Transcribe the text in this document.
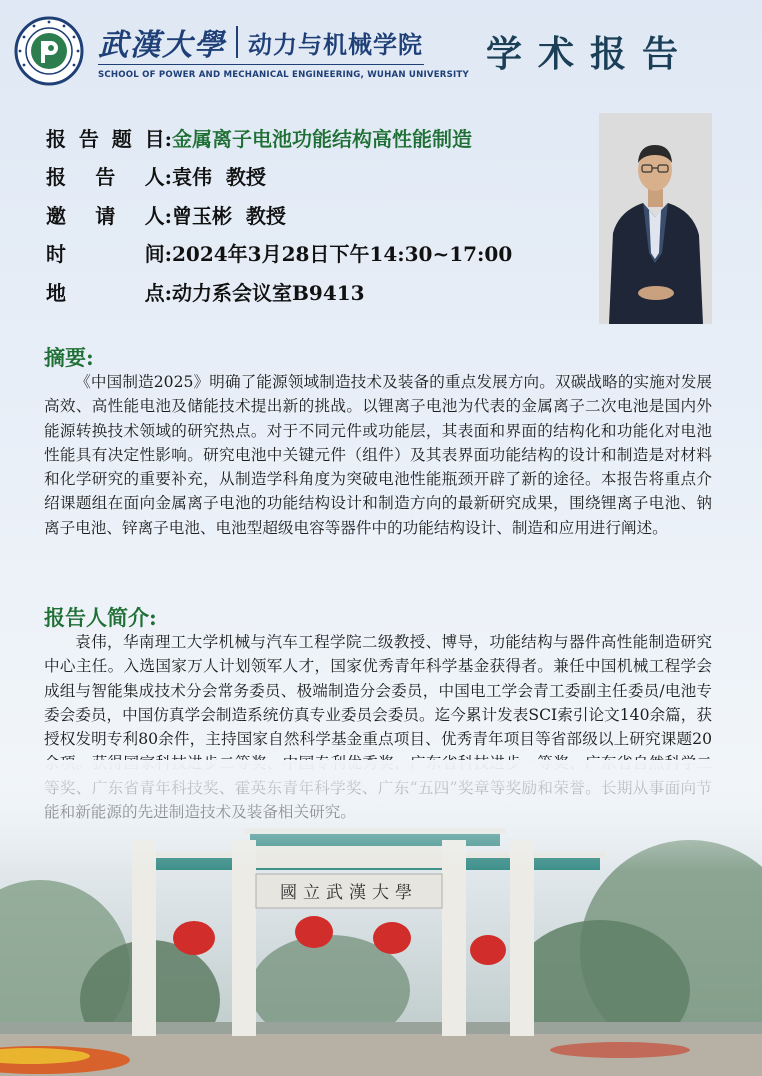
武漢大學 动力与机械学院
SCHOOL OF POWER AND MECHANICAL ENGINEERING, WUHAN UNIVERSITY 学术报告
报 告 题 目: 金属离子电池功能结构高性能制造
报 告 人: 袁伟  教授
邀 请 人: 曾玉彬  教授
时	间: 2024年3月28日下午14:30~17:00
地	点: 动力系会议室B9413
摘要:
《中国制造2025》明确了能源领域制造技术及装备的重点发展方向。双碳战略的实施对发展高效、高性能电池及储能技术提出新的挑战。以锂离子电池为代表的金属离子二次电池是国内外能源转换技术领域的研究热点。对于不同元件或功能层，其表面和界面的结构化和功能化对电池性能具有决定性影响。研究电池中关键元件（组件）及其表界面功能结构的设计和制造是对材料和化学研究的重要补充，从制造学科角度为突破电池性能瓶颈开辟了新的途径。本报告将重点介绍课题组在面向金属离子电池的功能结构设计和制造方向的最新研究成果，围绕锂离子电池、钠离子电池、锌离子电池、电池型超级电容等器件中的功能结构设计、制造和应用进行阐述。
报告人简介:
袁伟，华南理工大学机械与汽车工程学院二级教授、博导，功能结构与器件高性能制造研究中心主任。入选国家万人计划领军人才，国家优秀青年科学基金获得者。兼任中国机械工程学会成组与智能集成技术分会常务委员、极端制造分会委员，中国电工学会青工委副主任委员/电池专委会委员，中国仿真学会制造系统仿真专业委员会委员。迄今累计发表SCI索引论文140余篇，获授权发明专利80余件，主持国家自然科学基金重点项目、优秀青年项目等省部级以上研究课题20
